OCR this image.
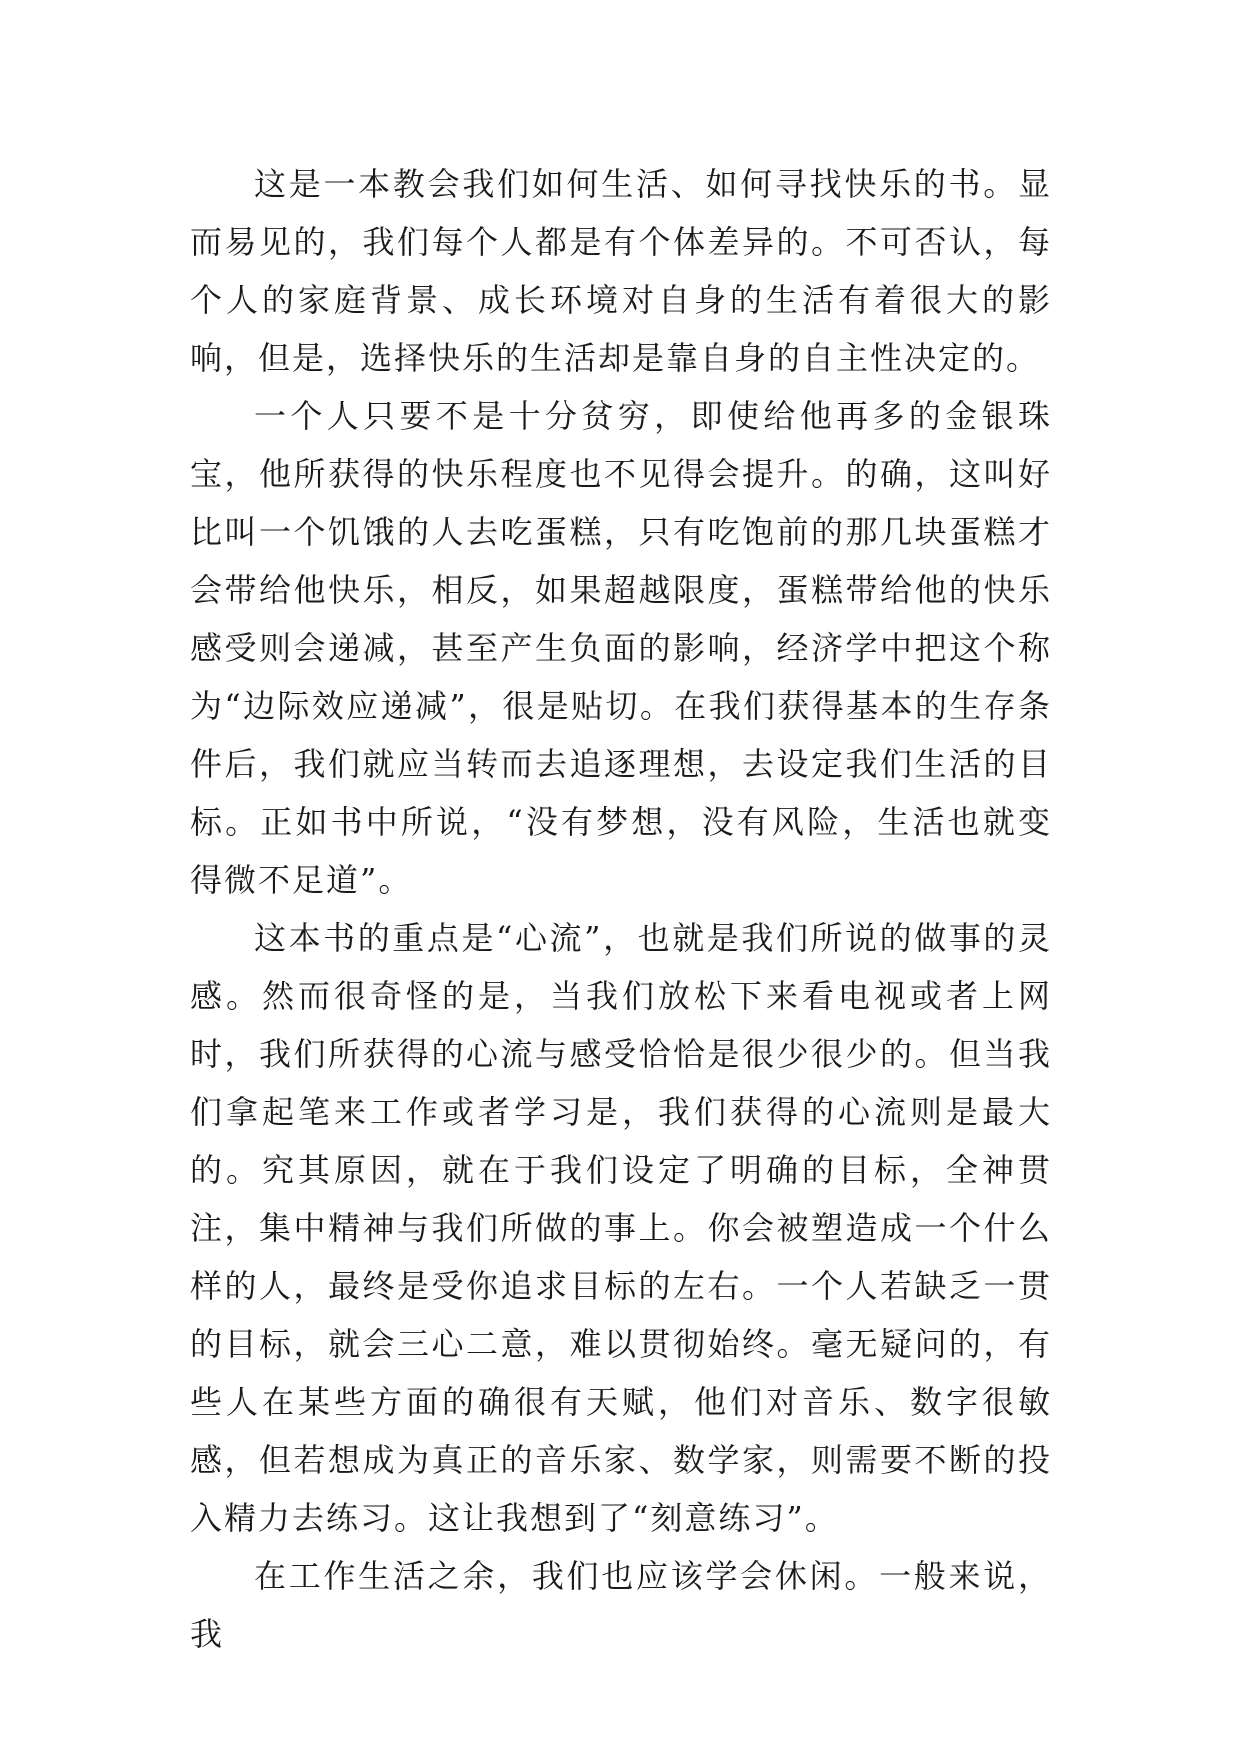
这是一本教会我们如何生活、如何寻找快乐的书。显而易见的，我们每个人都是有个体差异的。不可否认，每个人的家庭背景、成长环境对自身的生活有着很大的影响，但是，选择快乐的生活却是靠自身的自主性决定的。

一个人只要不是十分贫穷，即使给他再多的金银珠宝，他所获得的快乐程度也不见得会提升。的确，这叫好比叫一个饥饿的人去吃蛋糕，只有吃饱前的那几块蛋糕才会带给他快乐，相反，如果超越限度，蛋糕带给他的快乐感受则会递减，甚至产生负面的影响，经济学中把这个称为“边际效应递减”，很是贴切。在我们获得基本的生存条件后，我们就应当转而去追逐理想，去设定我们生活的目标。正如书中所说，“没有梦想，没有风险，生活也就变得微不足道”。

这本书的重点是“心流”，也就是我们所说的做事的灵感。然而很奇怪的是，当我们放松下来看电视或者上网时，我们所获得的心流与感受恰恰是很少很少的。但当我们拿起笔来工作或者学习是，我们获得的心流则是最大的。究其原因，就在于我们设定了明确的目标，全神贯注，集中精神与我们所做的事上。你会被塑造成一个什么样的人，最终是受你追求目标的左右。一个人若缺乏一贯的目标，就会三心二意，难以贯彻始终。毫无疑问的，有些人在某些方面的确很有天赋，他们对音乐、数字很敏感，但若想成为真正的音乐家、数学家，则需要不断的投入精力去练习。这让我想到了“刻意练习”。

在工作生活之余，我们也应该学会休闲。一般来说，我
